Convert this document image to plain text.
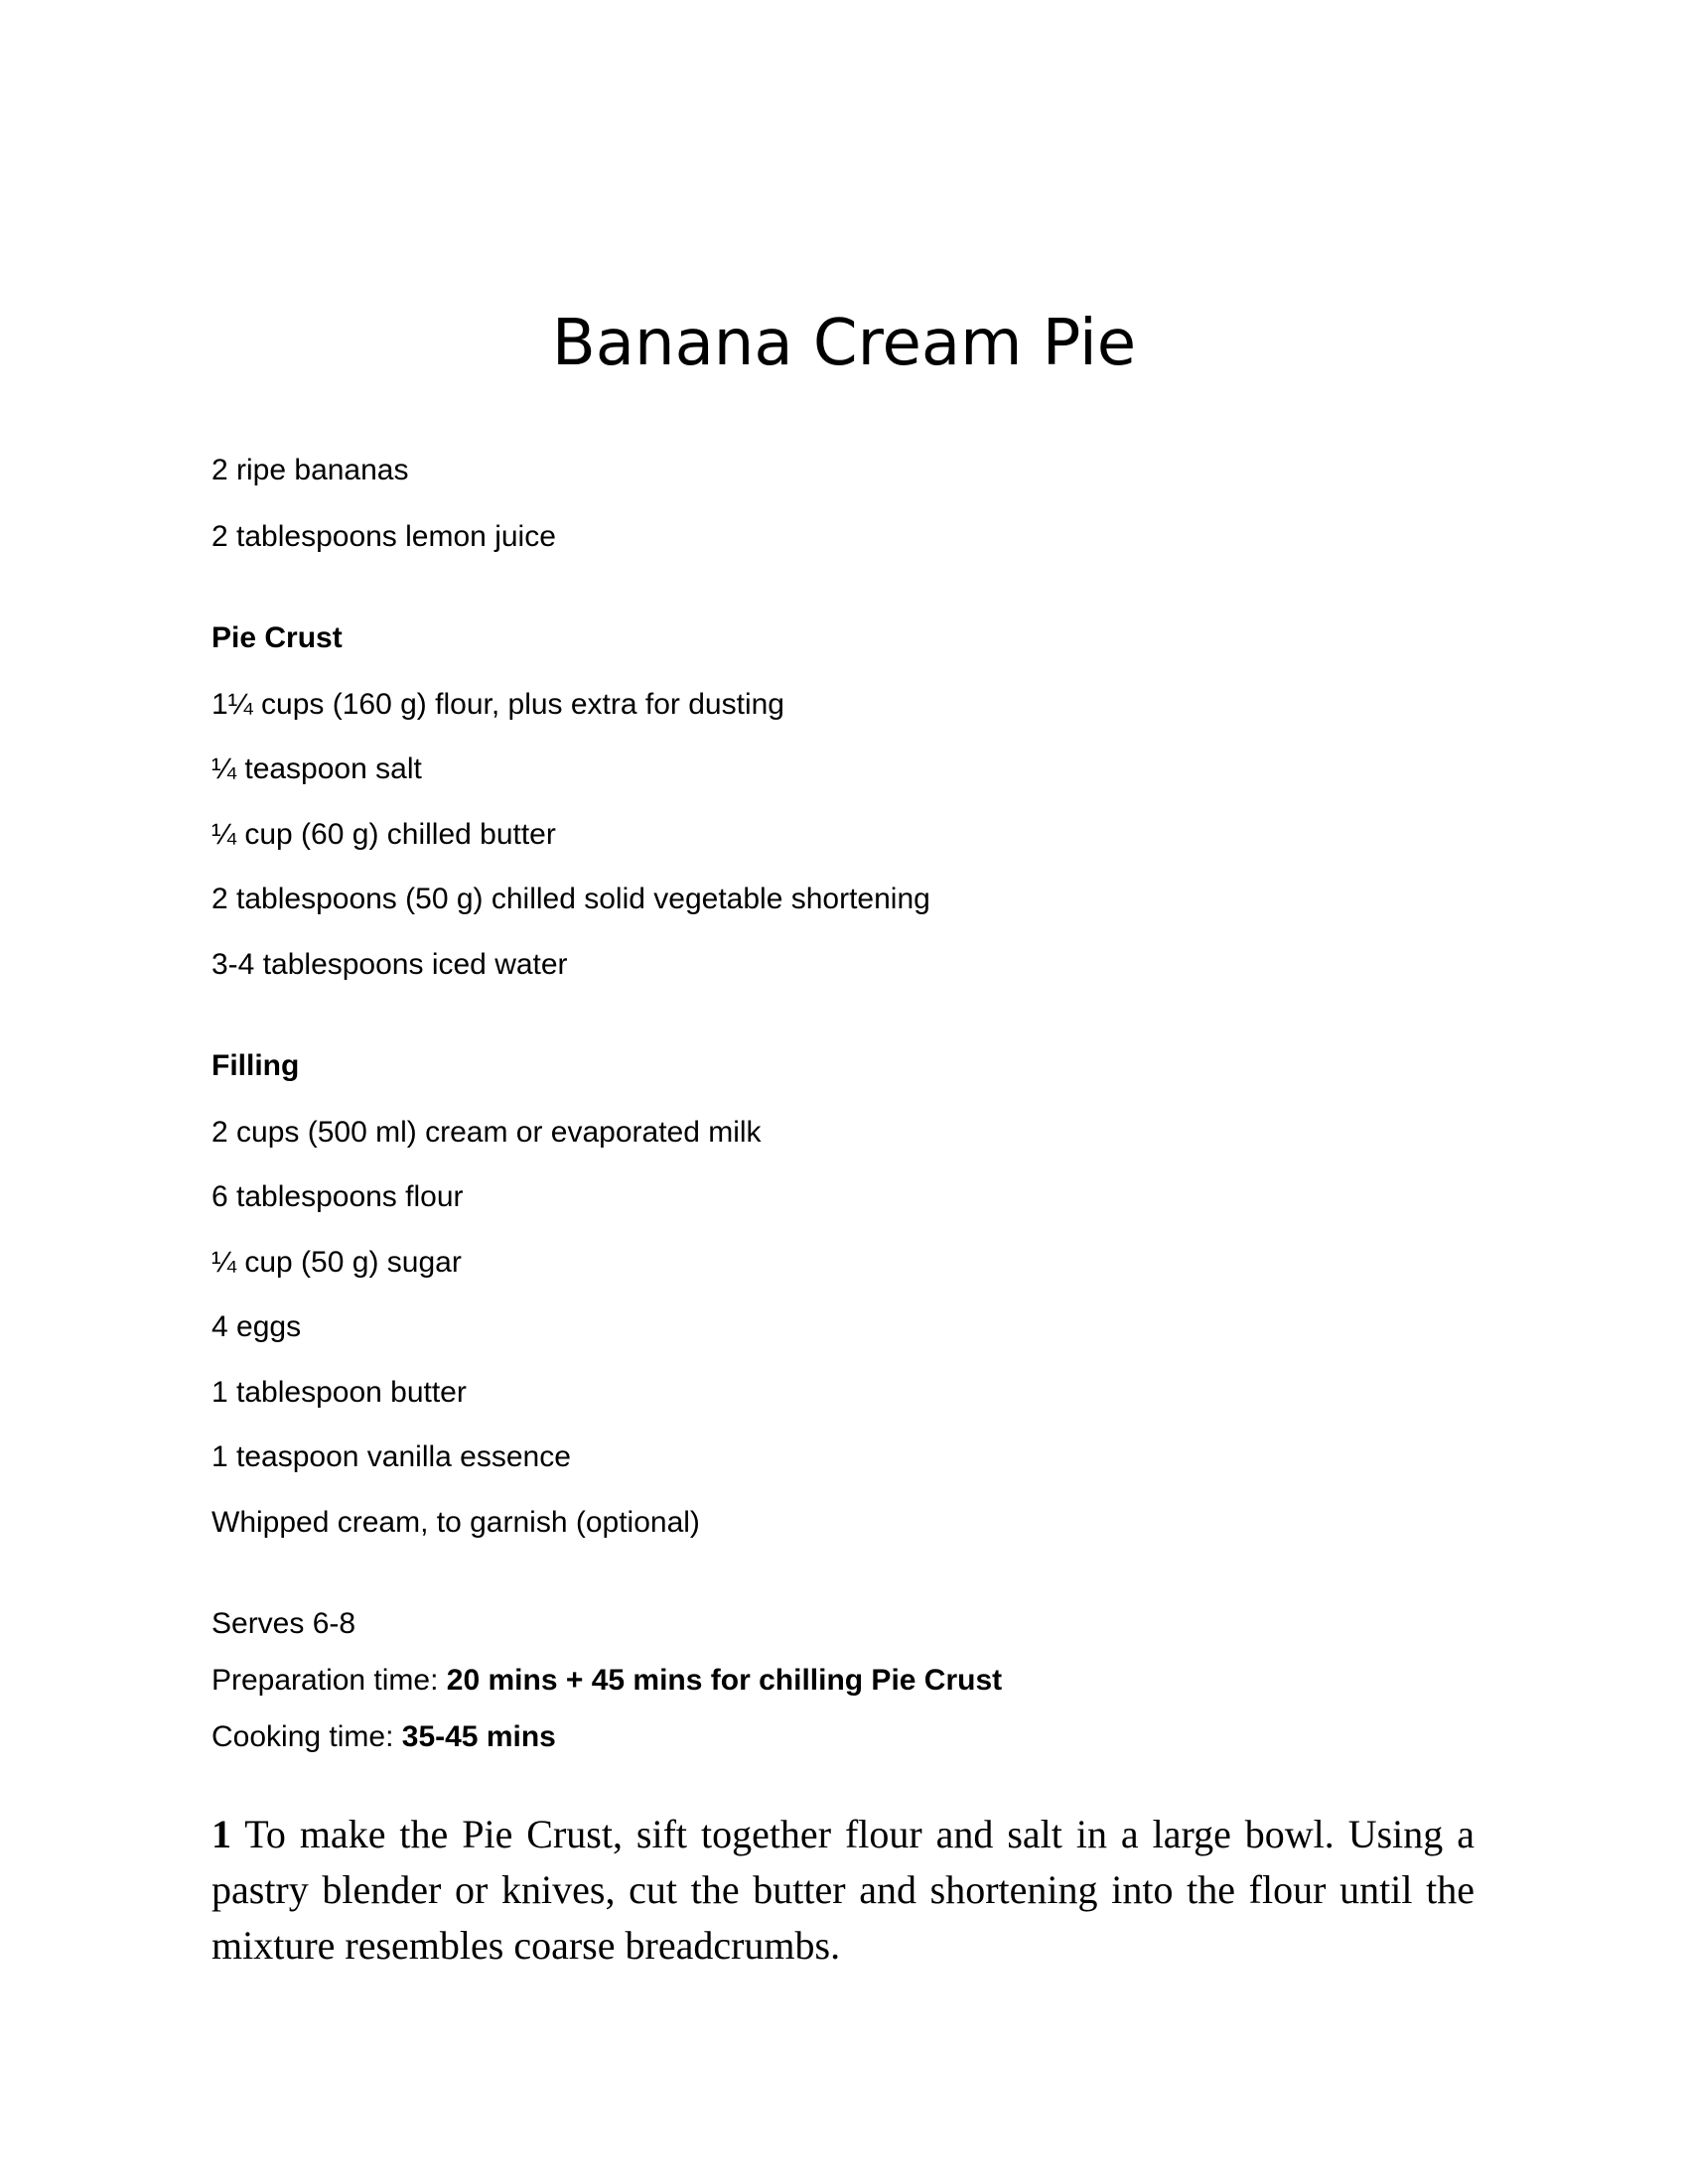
Banana Cream Pie
2 ripe bananas
2 tablespoons lemon juice
Pie Crust
1¼ cups (160 g) flour, plus extra for dusting
¼ teaspoon salt
¼ cup (60 g) chilled butter
2 tablespoons (50 g) chilled solid vegetable shortening
3-4 tablespoons iced water
Filling
2 cups (500 ml) cream or evaporated milk
6 tablespoons flour
¼ cup (50 g) sugar
4 eggs
1 tablespoon butter
1 teaspoon vanilla essence
Whipped cream, to garnish (optional)
Serves 6-8
Preparation time: 20 mins + 45 mins for chilling Pie Crust
Cooking time: 35-45 mins
1 To make the Pie Crust, sift together flour and salt in a large bowl. Using a pastry blender or knives, cut the butter and shortening into the flour until the mixture resembles coarse breadcrumbs.
